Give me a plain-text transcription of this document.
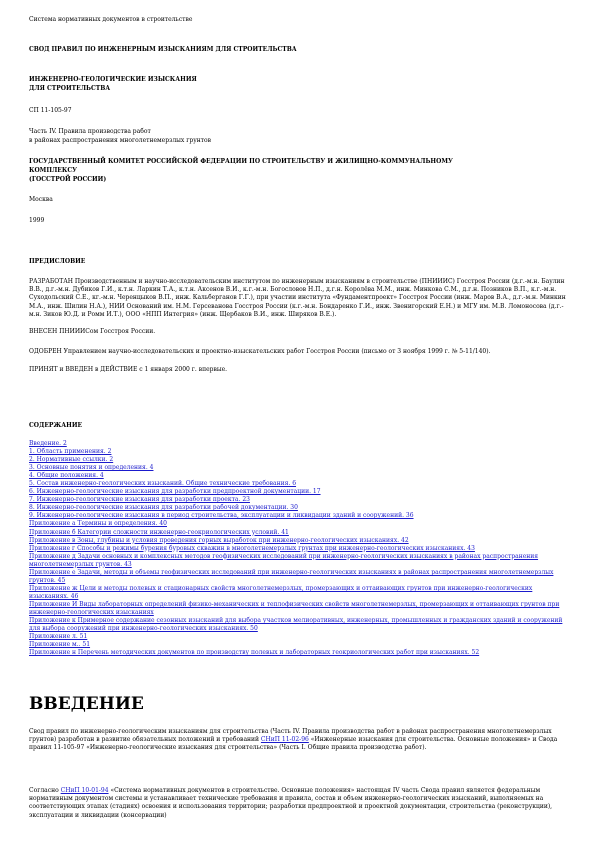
Система нормативных документов в строительстве
СВОД ПРАВИЛ ПО ИНЖЕНЕРНЫМ ИЗЫСКАНИЯМ ДЛЯ СТРОИТЕЛЬСТВА
ИНЖЕНЕРНО-ГЕОЛОГИЧЕСКИЕ ИЗЫСКАНИЯ
ДЛЯ СТРОИТЕЛЬСТВА
СП 11-105-97
Часть IV. Правила производства работ
в районах распространения многолетнемерзлых грунтов
ГОСУДАРСТВЕННЫЙ КОМИТЕТ РОССИЙСКОЙ ФЕДЕРАЦИИ ПО СТРОИТЕЛЬСТВУ И ЖИЛИЩНО-КОММУНАЛЬНОМУ
КОМПЛЕКСУ
(ГОССТРОЙ РОССИИ)
Москва
1999
ПРЕДИСЛОВИЕ
РАЗРАБОТАН Производственным и научно-исследовательским институтом по инженерным изысканиям в строительстве (ПНИИИС) Госстроя России (д.г.-м.н. Баулин В.В., д.г.-м.н. Дубиков Г.И., к.т.н. Ларкин Т.А., к.т.н. Аксенов В.И., к.г.-м.н. Богословов Н.П., д.г.н. Королёва М.М., инж. Минкова С.М., д.г.н. Позников В.П., к.г.-м.н. Суходольский С.Е., кг.-м.н. Черенцыков В.П., инж. Кальберганов Г.Г.), при участии института «Фундаментпроект» Госстроя России (инж. Маров В.А., д.г.-м.н. Минкин М.А., инж. Шилин Н.А.), НИИ Оснований им. Н.М. Герсеванова Госстроя России (к.г.-м.н. Бондаренко Г.И., инж. Звенигорский Е.Н.) и МГУ им. М.В. Ломоносова (д.г.-м.н. Зиков Ю.Д. и Ромм И.Т.), ООО «НПП Интегрия» (инж. Щербаков В.И., инж. Ширяков В.Е.).
ВНЕСЕН ПНИИИСом Госстроя России.
ОДОБРЕН Управлением научно-исследовательских и проектно-изыскательских работ Госстроя России (письмо от 3 ноября 1999 г. № 5-11/140).
ПРИНЯТ и ВВЕДЕН в ДЕЙСТВИЕ с 1 января 2000 г. впервые.
СОДЕРЖАНИЕ
Введение. 2
1. Область применения. 2
2. Нормативные ссылки. 2
3. Основные понятия и определения. 4
4. Общие положения. 4
5. Состав инженерно-геологических изысканий. Общие технические требования. 6
6. Инженерно-геологические изыскания для разработки предпроектной документации. 17
7. Инженерно-геологические изыскания для разработки проекта. 23
8. Инженерно-геологические изыскания для разработки рабочей документации. 30
9. Инженерно-геологические изыскания в период строительства, эксплуатации и ликвидации зданий и сооружений. 36
Приложение а Термины и определения. 40
Приложение б Категории сложности инженерно-геокриологических условий. 41
Приложение в Зоны, глубины и условия проведения горных выработок при инженерно-геологических изысканиях. 42
Приложение г Способы и режимы бурения буровых скважин в многолетнемерзлых грунтах при инженерно-геологических изысканиях. 43
Приложение д Задачи основных и комплексных методов геофизических исследований при инженерно-геологических изысканиях в районах распространения многолетнемерзлых грунтов. 43
Приложение е Задачи, методы и объемы геофизических исследований при инженерно-геологических изысканиях в районах распространения многолетнемерзлых грунтов. 45
Приложение ж Цели и методы полевых и стационарных свойств многолетнемерзлых, промерзающих и оттаивающих грунтов при инженерно-геологических изысканиях. 46
Приложение И Виды лабораторных определений физико-механических и теплофизических свойств многолетнемерзлых, промерзающих и оттаивающих грунтов при инженерно-геологических изысканиях
Приложение к Примерное содержание сезонных изысканий для выбора участков мелиоративных, инженерных, промышленных и гражданских зданий и сооружений для выбора сооружений при инженерно-геологических изысканиях. 50
Приложение л. 51
Приложение м.. 51
Приложение н Перечень методических документов по производству полевых и лабораторных геокриологических работ при изысканиях. 52
ВВЕДЕНИЕ
Свод правил по инженерно-геологическим изысканиям для строительства (Часть IV. Правила производства работ в районах распространения многолетнемерзлых грунтов) разработан в развитие обязательных положений и требований СНиП 11-02-96 «Инженерные изыскания для строительства. Основные положения» и Свода правил 11-105-97 «Инженерно-геологические изыскания для строительства» (Часть I. Общие правила производства работ).
Согласно СНиП 10-01-94 «Система нормативных документов в строительстве. Основные положения» настоящая IV часть Свода правил является федеральным нормативным документом системы и устанавливает технические требования и правила, состав и объем инженерно-геологических изысканий, выполняемых на соответствующих этапах (стадиях) освоения и использования территории; разработки предпроектной и проектной документации, строительства (реконструкции), эксплуатации и ликвидации (консервации)
